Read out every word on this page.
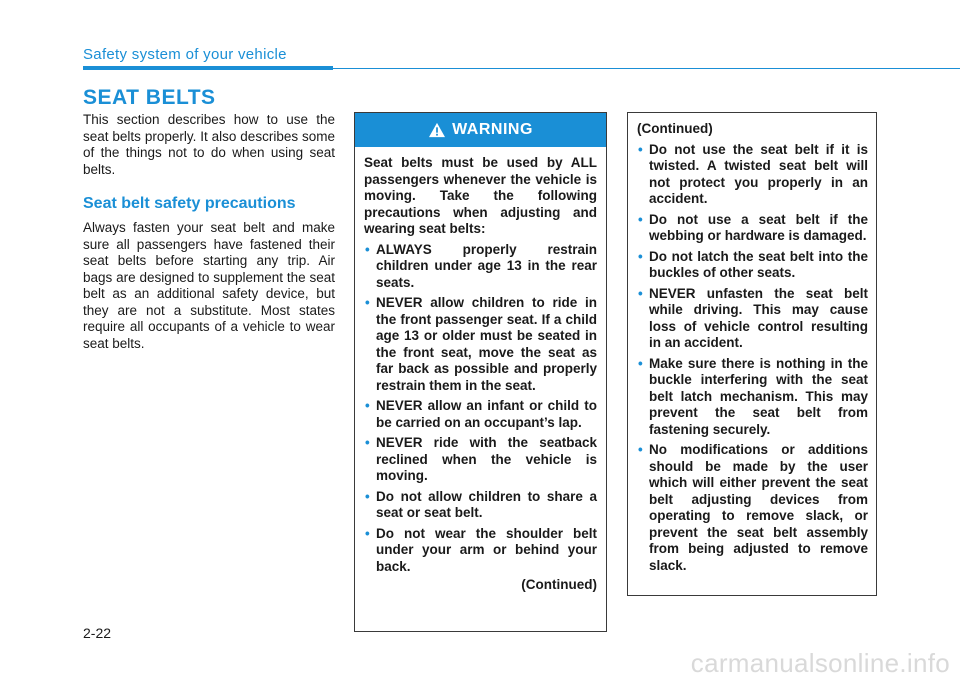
Safety system of your vehicle
SEAT BELTS

This section describes how to use the seat belts properly. It also describes some of the things not to do when using seat belts.

Seat belt safety precautions

Always fasten your seat belt and make sure all passengers have fastened their seat belts before starting any trip. Air bags are designed to supplement the seat belt as an additional safety device, but they are not a substitute. Most states require all occupants of a vehicle to wear seat belts.

WARNING

Seat belts must be used by ALL passengers whenever the vehicle is moving. Take the following precautions when adjusting and wearing seat belts:

• ALWAYS properly restrain children under age 13 in the rear seats.
• NEVER allow children to ride in the front passenger seat. If a child age 13 or older must be seated in the front seat, move the seat as far back as possible and properly restrain them in the seat.
• NEVER allow an infant or child to be carried on an occupant’s lap.
• NEVER ride with the seatback reclined when the vehicle is moving.
• Do not allow children to share a seat or seat belt.
• Do not wear the shoulder belt under your arm or behind your back.

(Continued)

(Continued)

• Do not use the seat belt if it is twisted. A twisted seat belt will not protect you properly in an accident.
• Do not use a seat belt if the webbing or hardware is damaged.
• Do not latch the seat belt into the buckles of other seats.
• NEVER unfasten the seat belt while driving. This may cause loss of vehicle control resulting in an accident.
• Make sure there is nothing in the buckle interfering with the seat belt latch mechanism. This may prevent the seat belt from fastening securely.
• No modifications or additions should be made by the user which will either prevent the seat belt adjusting devices from operating to remove slack, or prevent the seat belt assembly from being adjusted to remove slack.
2-22
carmanualsonline.info
